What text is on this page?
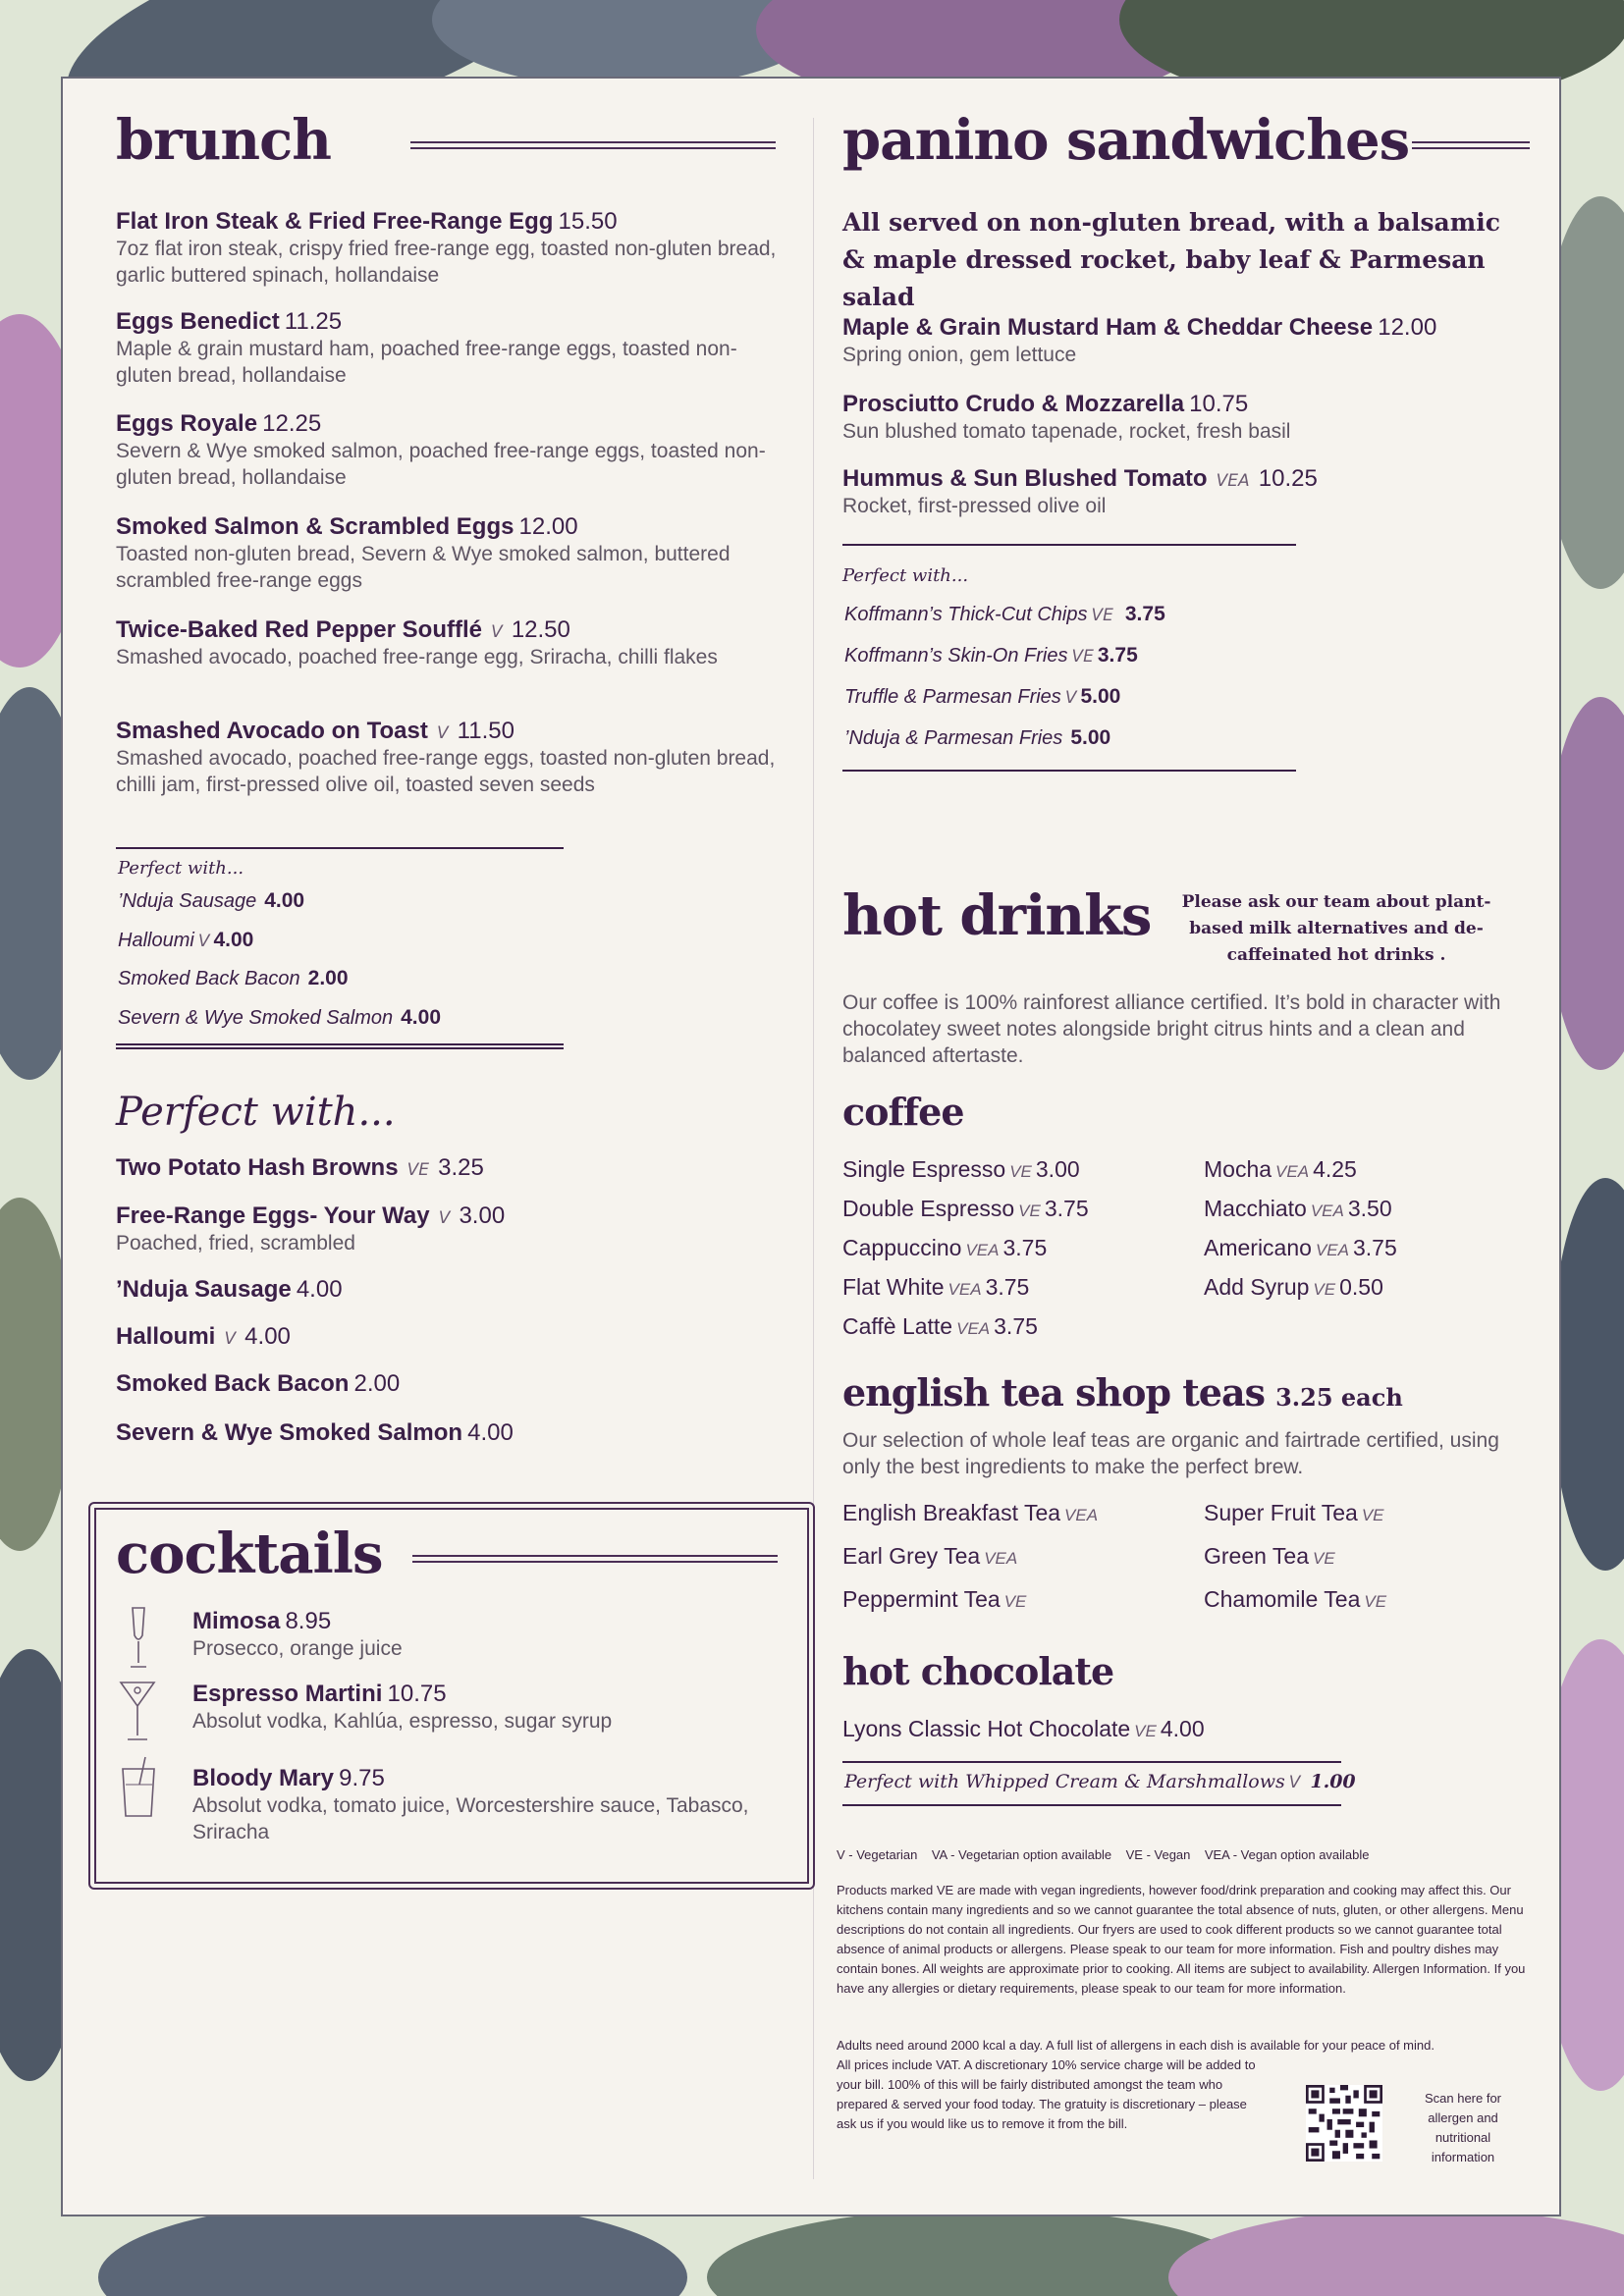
brunch
Flat Iron Steak & Fried Free-Range Egg 15.50
7oz flat iron steak, crispy fried free-range egg, toasted non-gluten bread, garlic buttered spinach, hollandaise
Eggs Benedict 11.25
Maple & grain mustard ham, poached free-range eggs, toasted non-gluten bread, hollandaise
Eggs Royale 12.25
Severn & Wye smoked salmon, poached free-range eggs, toasted non-gluten bread, hollandaise
Smoked Salmon & Scrambled Eggs 12.00
Toasted non-gluten bread, Severn & Wye smoked salmon, buttered scrambled free-range eggs
Twice-Baked Red Pepper Soufflé V 12.50
Smashed avocado, poached free-range egg, Sriracha, chilli flakes
Smashed Avocado on Toast V 11.50
Smashed avocado, poached free-range eggs, toasted non-gluten bread, chilli jam, first-pressed olive oil, toasted seven seeds
Perfect with...
’Nduja Sausage 4.00
Halloumi V 4.00
Smoked Back Bacon 2.00
Severn & Wye Smoked Salmon 4.00
Perfect with...
Two Potato Hash Browns VE 3.25
Free-Range Eggs- Your Way V 3.00
Poached, fried, scrambled
’Nduja Sausage 4.00
Halloumi V 4.00
Smoked Back Bacon 2.00
Severn & Wye Smoked Salmon 4.00
cocktails
Mimosa 8.95
Prosecco, orange juice
Espresso Martini 10.75
Absolut vodka, Kahlúa, espresso, sugar syrup
Bloody Mary 9.75
Absolut vodka, tomato juice, Worcestershire sauce, Tabasco, Sriracha
panino sandwiches
All served on non-gluten bread, with a balsamic & maple dressed rocket, baby leaf & Parmesan salad
Maple & Grain Mustard Ham & Cheddar Cheese 12.00
Spring onion, gem lettuce
Prosciutto Crudo & Mozzarella 10.75
Sun blushed tomato tapenade, rocket, fresh basil
Hummus & Sun Blushed Tomato VEA 10.25
Rocket, first-pressed olive oil
Perfect with...
Koffmann’s Thick-Cut Chips VE 3.75
Koffmann’s Skin-On Fries VE 3.75
Truffle & Parmesan Fries V 5.00
’Nduja & Parmesan Fries 5.00
hot drinks	Please ask our team about plant-based milk alternatives and de-caffeinated hot drinks .
Our coffee is 100% rainforest alliance certified. It’s bold in character with chocolatey sweet notes alongside bright citrus hints and a clean and balanced aftertaste.
coffee
Single Espresso VE 3.00
Double Espresso VE 3.75
Cappuccino VEA 3.75
Flat White VEA 3.75
Caffè Latte VEA 3.75
Mocha VEA 4.25
Macchiato VEA 3.50
Americano VEA 3.75
Add Syrup VE 0.50
english tea shop teas 3.25 each
Our selection of whole leaf teas are organic and fairtrade certified, using only the best ingredients to make the perfect brew.
English Breakfast Tea VEA
Earl Grey Tea VEA
Peppermint Tea VE
Super Fruit Tea VE
Green Tea VE
Chamomile Tea VE
hot chocolate
Lyons Classic Hot Chocolate VE 4.00
Perfect with Whipped Cream & Marshmallows V 1.00
V - Vegetarian    VA - Vegetarian option available    VE - Vegan    VEA - Vegan option available
Products marked VE are made with vegan ingredients, however food/drink preparation and cooking may affect this. Our kitchens contain many ingredients and so we cannot guarantee the total absence of nuts, gluten, or other allergens. Menu descriptions do not contain all ingredients. Our fryers are used to cook different products so we cannot guarantee total absence of animal products or allergens. Please speak to our team for more information. Fish and poultry dishes may contain bones. All weights are approximate prior to cooking. All items are subject to availability. Allergen Information. If you have any allergies or dietary requirements, please speak to our team for more information.
Adults need around 2000 kcal a day. A full list of allergens in each dish is available for your peace of mind.
All prices include VAT. A discretionary 10% service charge will be added to your bill. 100% of this will be fairly distributed amongst the team who prepared & served your food today. The gratuity is discretionary – please ask us if you would like us to remove it from the bill.
Scan here for allergen and nutritional information
